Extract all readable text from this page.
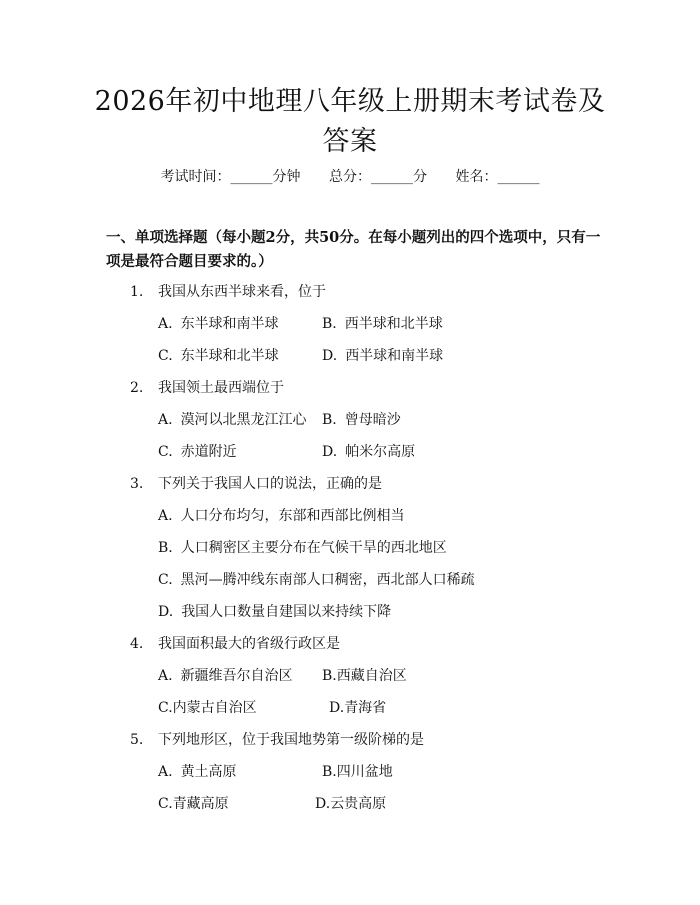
2026年初中地理八年级上册期末考试卷及答案
考试时间：______分钟 总分：______分 姓名：______
一、单项选择题（每小题2分，共50分。在每小题列出的四个选项中，只有一项是最符合题目要求的。）
1. 我国从东西半球来看，位于
A. 东半球和南半球	B. 西半球和北半球
C. 东半球和北半球	D. 西半球和南半球
2. 我国领土最西端位于
A. 漠河以北黑龙江江心 B. 曾母暗沙
C. 赤道附近	D. 帕米尔高原
3. 下列关于我国人口的说法，正确的是
A. 人口分布均匀，东部和西部比例相当
B. 人口稠密区主要分布在气候干旱的西北地区
C. 黑河—腾冲线东南部人口稠密，西北部人口稀疏
D. 我国人口数量自建国以来持续下降
4. 我国面积最大的省级行政区是
A. 新疆维吾尔自治区 B.西藏自治区
C.内蒙古自治区	D.青海省
5. 下列地形区，位于我国地势第一级阶梯的是
A. 黄土高原	B.四川盆地
C.青藏高原	D.云贵高原
